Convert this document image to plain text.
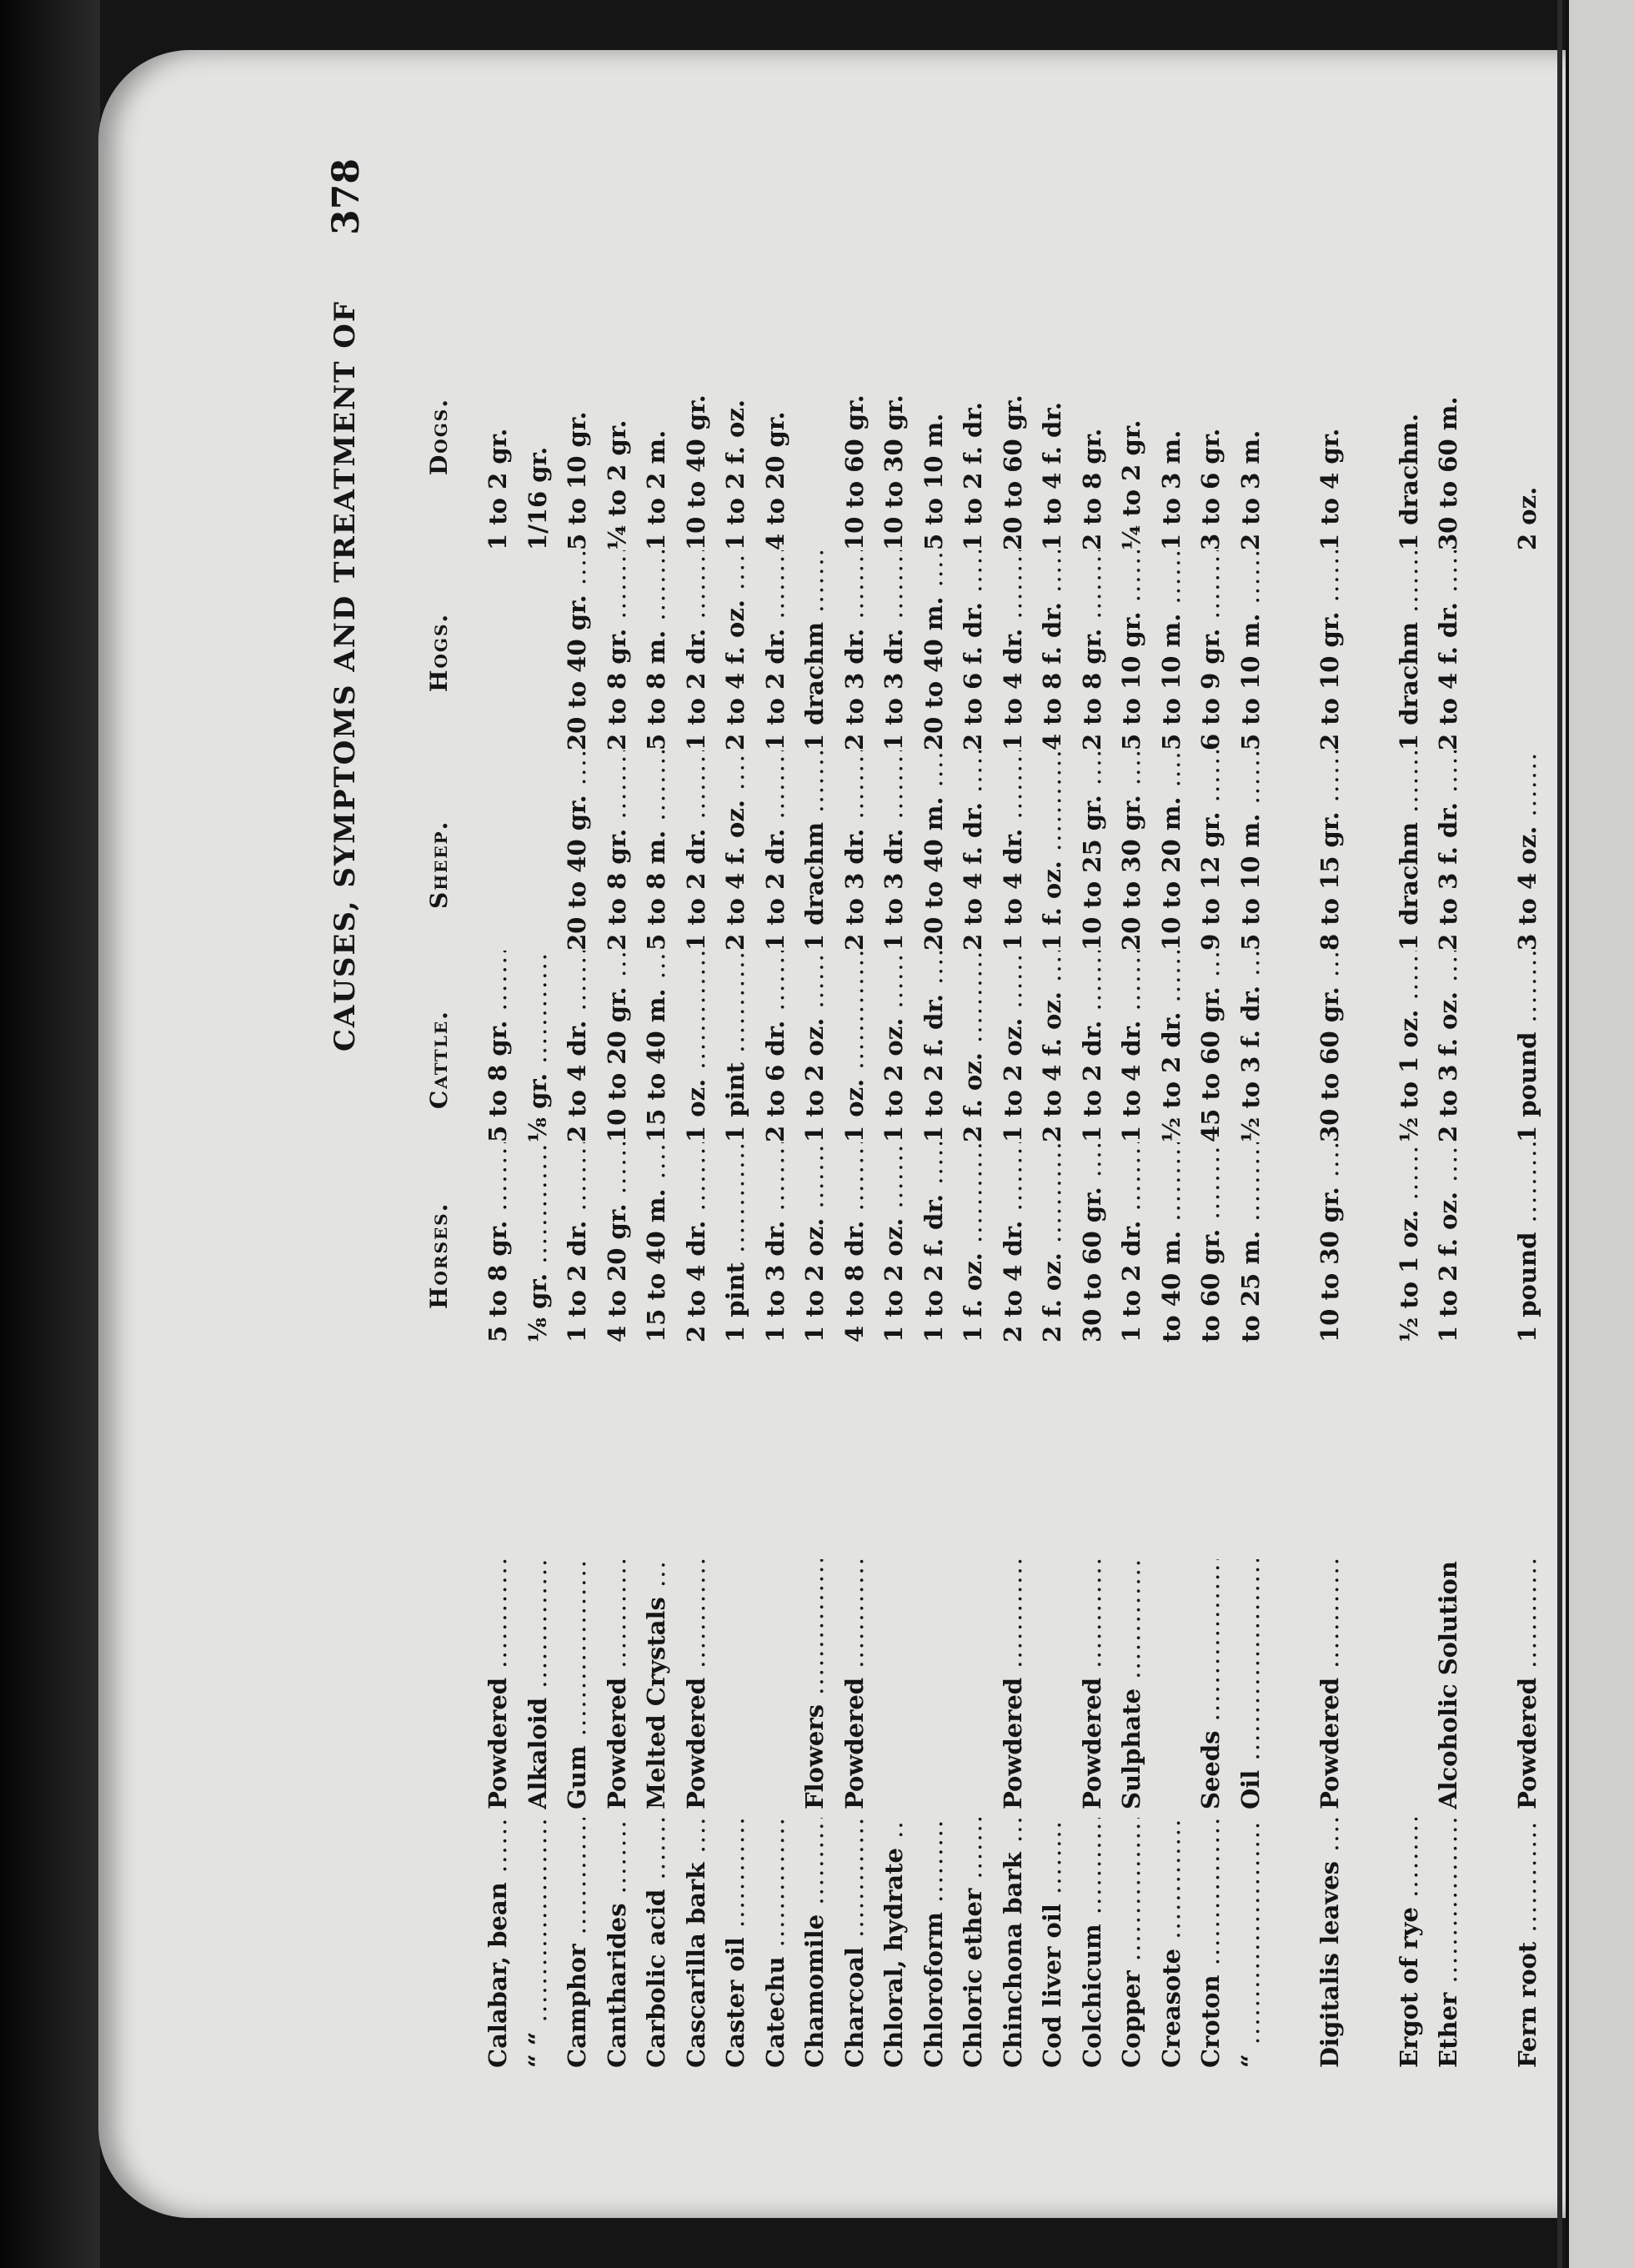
CAUSES, SYMPTOMS AND TREATMENT OF
378
Horses.
Cattle.
Sheep.
Hogs.
Dogs.
Calabar, bean .....
Powdered .....
5 to 8 gr. .....
5 to 8 gr. .....
1 to 2 gr.
“ “ .....
Alkaloid .....
⅛ gr. .....
⅛ gr. .....
1/16 gr.
Camphor .....
Gum .....
1 to 2 dr. .....
2 to 4 dr. .....
20 to 40 gr. .....
20 to 40 gr. .....
5 to 10 gr.
Cantharides .....
Powdered .....
4 to 20 gr. .....
10 to 20 gr. .....
2 to 8 gr. .....
2 to 8 gr. .....
¼ to 2 gr.
Carbolic acid .....
Melted Crystals .....
15 to 40 m. .....
15 to 40 m. .....
5 to 8 m. .....
5 to 8 m. .....
1 to 2 m.
Cascarilla bark .....
Powdered .....
2 to 4 dr. .....
1 oz. .....
1 to 2 dr. .....
1 to 2 dr. .....
10 to 40 gr.
Caster oil .....
1 pint .....
1 pint .....
2 to 4 f. oz. .....
2 to 4 f. oz. .....
1 to 2 f. oz.
Catechu .....
1 to 3 dr. .....
2 to 6 dr. .....
1 to 2 dr. .....
1 to 2 dr. .....
4 to 20 gr.
Chamomile .....
Flowers .....
1 to 2 oz. .....
1 to 2 oz. .....
1 drachm .....
1 drachm .....
Charcoal .....
Powdered .....
4 to 8 dr. .....
1 oz. .....
2 to 3 dr. .....
2 to 3 dr. .....
10 to 60 gr.
Chloral, hydrate .....
1 to 2 oz. .....
1 to 2 oz. .....
1 to 3 dr. .....
1 to 3 dr. .....
10 to 30 gr.
Chloroform .....
1 to 2 f. dr. .....
1 to 2 f. dr. .....
20 to 40 m. .....
20 to 40 m. .....
5 to 10 m.
Chloric ether .....
1 f. oz. .....
2 f. oz. .....
2 to 4 f. dr. .....
2 to 6 f. dr. .....
1 to 2 f. dr.
Chinchona bark .....
Powdered .....
2 to 4 dr. .....
1 to 2 oz. .....
1 to 4 dr. .....
1 to 4 dr. .....
20 to 60 gr.
Cod liver oil .....
2 f. oz. .....
2 to 4 f. oz. .....
1 f. oz. .....
4 to 8 f. dr. .....
1 to 4 f. dr.
Colchicum .....
Powdered .....
30 to 60 gr. .....
1 to 2 dr. .....
10 to 25 gr. .....
2 to 8 gr. .....
2 to 8 gr.
Copper .....
Sulphate .....
1 to 2 dr. .....
1 to 4 dr. .....
20 to 30 gr. .....
5 to 10 gr. .....
¼ to 2 gr.
Creasote .....
to 40 m. .....
½ to 2 dr. .....
10 to 20 m. .....
5 to 10 m. .....
1 to 3 m.
Croton .....
Seeds .....
to 60 gr. .....
45 to 60 gr. .....
9 to 12 gr. .....
6 to 9 gr. .....
3 to 6 gr.
“ .....
Oil .....
to 25 m. .....
½ to 3 f. dr. .....
5 to 10 m. .....
5 to 10 m. .....
2 to 3 m.
Digitalis leaves .....
Powdered .....
10 to 30 gr. .....
30 to 60 gr. .....
8 to 15 gr. .....
2 to 10 gr. .....
1 to 4 gr.
Ergot of rye .....
½ to 1 oz. .....
½ to 1 oz. .....
1 drachm .....
1 drachm .....
1 drachm.
Ether .....
Alcoholic Solution .....
1 to 2 f. oz. .....
2 to 3 f. oz. .....
2 to 3 f. dr. .....
2 to 4 f. dr. .....
30 to 60 m.
Fern root .....
Powdered .....
1 pound .....
1 pound .....
3 to 4 oz. .....
2 oz.
